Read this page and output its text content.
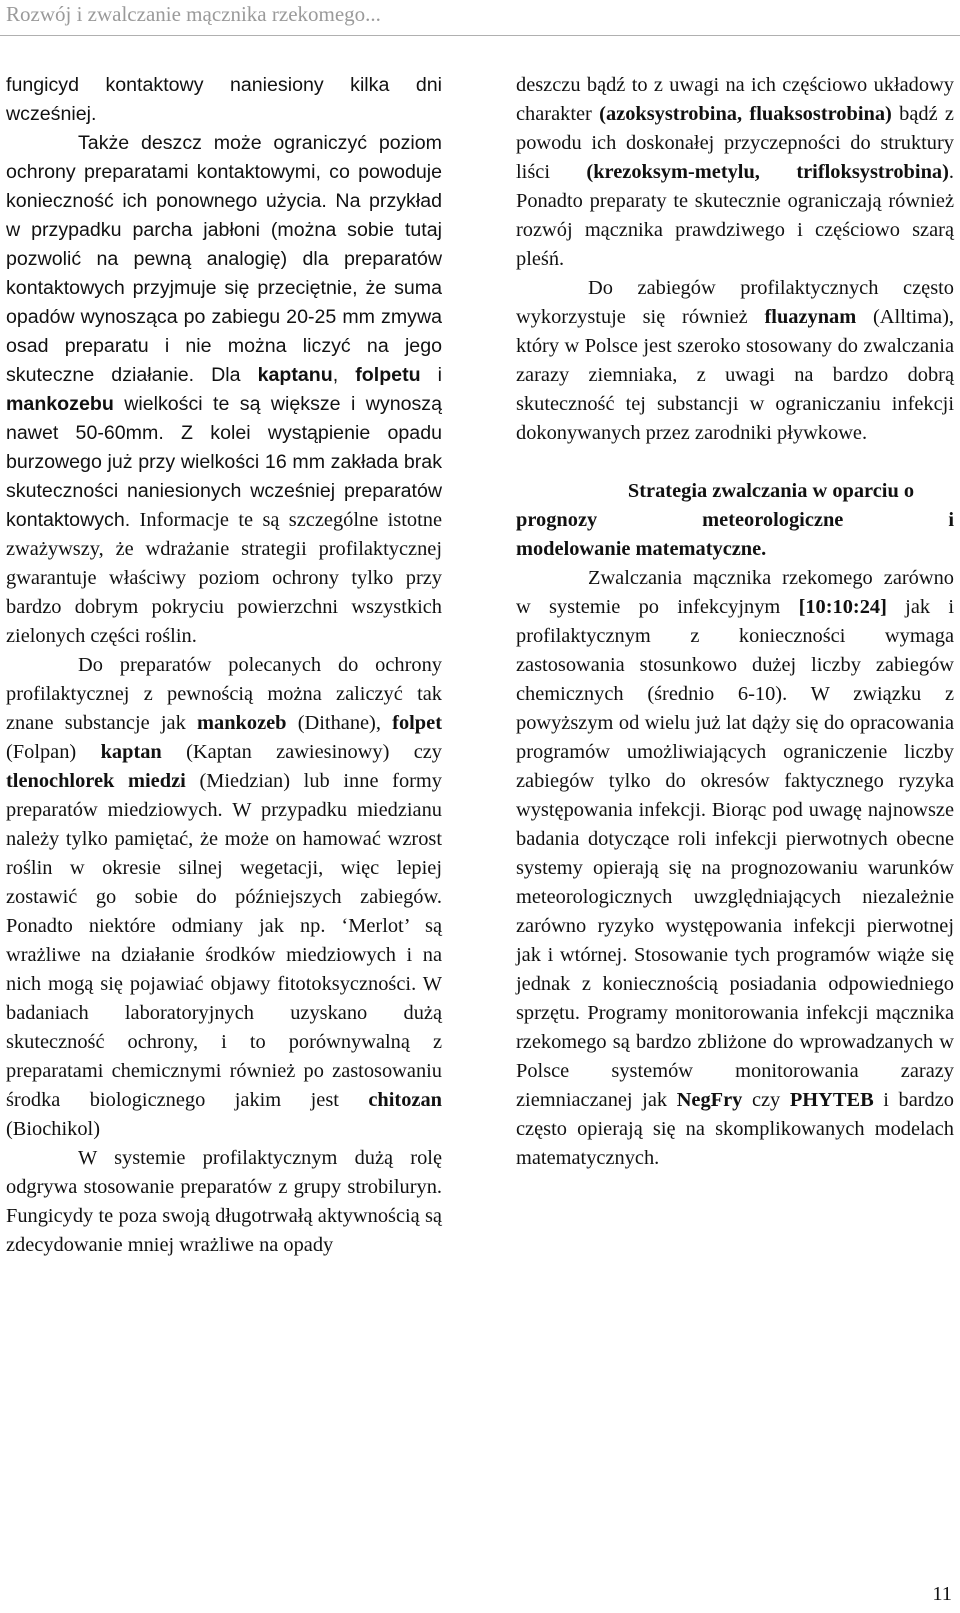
Rozwój i zwalczanie mącznika rzekomego...

fungicyd kontaktowy naniesiony kilka dni wcześniej.

Także deszcz może ograniczyć poziom ochrony preparatami kontaktowymi, co powoduje konieczność ich ponownego użycia. Na przykład w przypadku parcha jabłoni (można sobie tutaj pozwolić na pewną analogię) dla preparatów kontaktowych przyjmuje się przeciętnie, że suma opadów wynosząca po zabiegu 20-25 mm zmywa osad preparatu i nie można liczyć na jego skuteczne działanie. Dla kaptanu, folpetu i mankozebu wielkości te są większe i wynoszą nawet 50-60mm. Z kolei wystąpienie opadu burzowego już przy wielkości 16 mm zakłada brak skuteczności naniesionych wcześniej preparatów kontaktowych. Informacje te są szczególne istotne zważywszy, że wdrażanie strategii profilaktycznej gwarantuje właściwy poziom ochrony tylko przy bardzo dobrym pokryciu powierzchni wszystkich zielonych części roślin.

Do preparatów polecanych do ochrony profilaktycznej z pewnością można zaliczyć tak znane substancje jak mankozeb (Dithane), folpet (Folpan) kaptan (Kaptan zawiesinowy) czy tlenochlorek miedzi (Miedzian) lub inne formy preparatów miedziowych. W przypadku miedzianu należy tylko pamiętać, że może on hamować wzrost roślin w okresie silnej wegetacji, więc lepiej zostawić go sobie do późniejszych zabiegów. Ponadto niektóre odmiany jak np. ‘Merlot’ są wrażliwe na działanie środków miedziowych i na nich mogą się pojawiać objawy fitotoksyczności. W badaniach laboratoryjnych uzyskano dużą skuteczność ochrony, i to porównywalną z preparatami chemicznymi również po zastosowaniu środka biologicznego jakim jest chitozan (Biochikol)

W systemie profilaktycznym dużą rolę odgrywa stosowanie preparatów z grupy strobiluryn. Fungicydy te poza swoją długotrwałą aktywnością są zdecydowanie mniej wrażliwe na opady

deszczu bądź to z uwagi na ich częściowo układowy charakter (azoksystrobina, fluaksostrobina) bądź z powodu ich doskonałej przyczepności do struktury liści (krezoksym-metylu, trifloksystrobina). Ponadto preparaty te skutecznie ograniczają również rozwój mącznika prawdziwego i częściowo szarą pleśń.

Do zabiegów profilaktycznych często wykorzystuje się również fluazynam (Alltima), który w Polsce jest szeroko stosowany do zwalczania zarazy ziemniaka, z uwagi na bardzo dobrą skuteczność tej substancji w ograniczaniu infekcji dokonywanych przez zarodniki pływkowe.

Strategia zwalczania w oparciu o
prognozy meteorologiczne i
modelowanie matematyczne.

Zwalczania mącznika rzekomego zarówno w systemie po infekcyjnym [10:10:24] jak i profilaktycznym z konieczności wymaga zastosowania stosunkowo dużej liczby zabiegów chemicznych (średnio 6-10). W związku z powyższym od wielu już lat dąży się do opracowania programów umożliwiających ograniczenie liczby zabiegów tylko do okresów faktycznego ryzyka występowania infekcji. Biorąc pod uwagę najnowsze badania dotyczące roli infekcji pierwotnych obecne systemy opierają się na prognozowaniu warunków meteorologicznych uwzględniających niezależnie zarówno ryzyko występowania infekcji pierwotnej jak i wtórnej. Stosowanie tych programów wiąże się jednak z koniecznością posiadania odpowiedniego sprzętu. Programy monitorowania infekcji mącznika rzekomego są bardzo zbliżone do wprowadzanych w Polsce systemów monitorowania zarazy ziemniaczanej jak NegFry czy PHYTEB i bardzo często opierają się na skomplikowanych modelach matematycznych.

11
